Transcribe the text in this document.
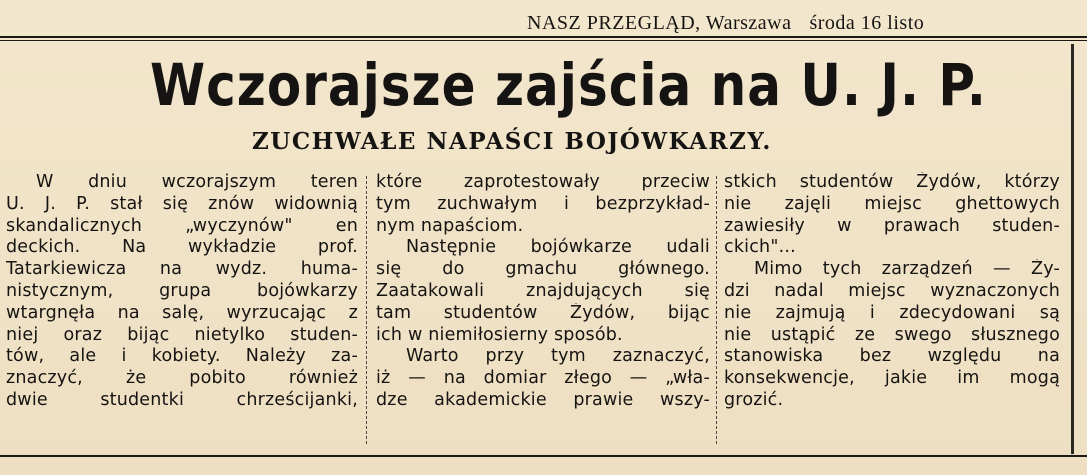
NASZ PRZEGLĄD, Warszawa środa 16 listo
Wczorajsze zajścia na U. J. P.
ZUCHWAŁE NAPAŚCI BOJÓWKARZY.
W dniu wczorajszym teren
U. J. P. stał się znów widownią
skandalicznych „wyczynów" en
deckich. Na wykładzie prof.
Tatarkiewicza na wydz. huma-
nistycznym, grupa bojówkarzy
wtargnęła na salę, wyrzucając z
niej oraz bijąc nietylko studen-
tów, ale i kobiety. Należy za-
znaczyć, że pobito również
dwie studentki chrześcijanki,
które zaprotestowały przeciw
tym zuchwałym i bezprzykład-
nym napaściom.
Następnie bojówkarze udali
się do gmachu głównego.
Zaatakowali znajdujących się
tam studentów Żydów, bijąc
ich w niemiłosierny sposób.
Warto przy tym zaznaczyć,
iż — na domiar złego — „wła-
dze akademickie prawie wszy-
stkich studentów Żydów, którzy
nie zajęli miejsc ghettowych
zawiesiły w prawach studen-
ckich"...
Mimo tych zarządzeń — Ży-
dzi nadal miejsc wyznaczonych
nie zajmują i zdecydowani są
nie ustąpić ze swego słusznego
stanowiska bez względu na
konsekwencje, jakie im mogą
grozić.
